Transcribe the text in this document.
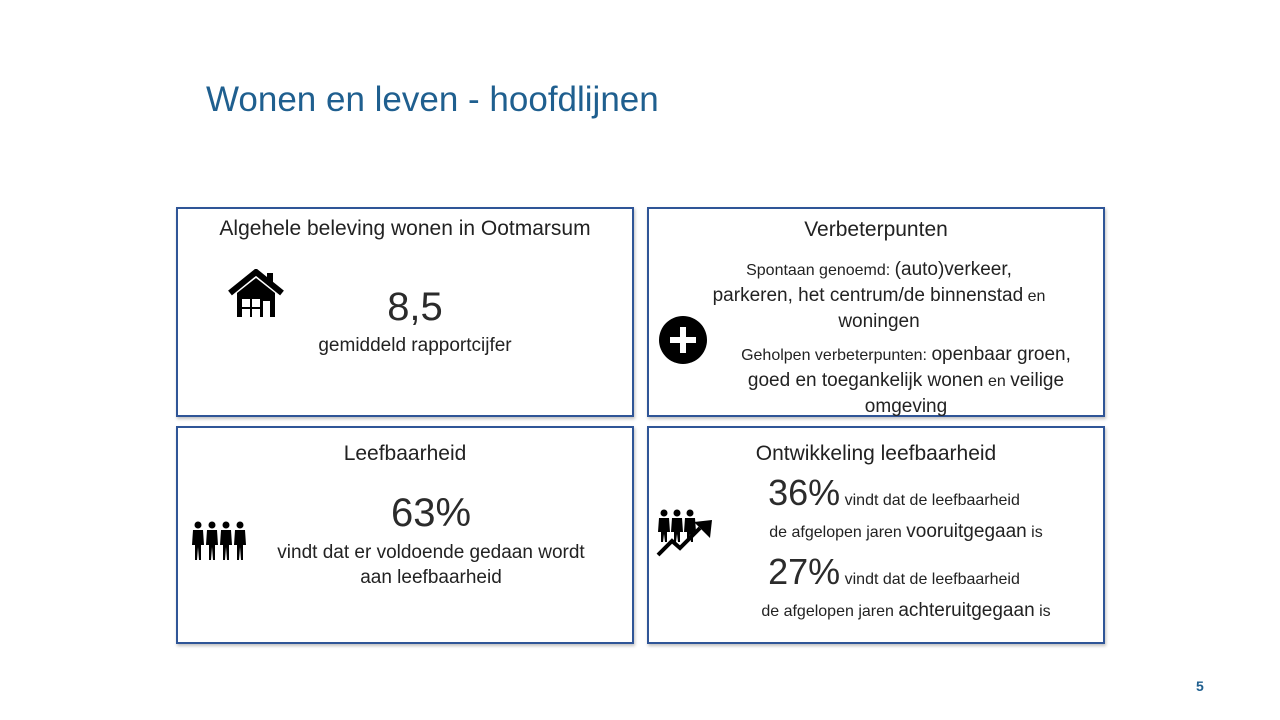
Wonen en leven - hoofdlijnen
Algehele beleving wonen in Ootmarsum
8,5
gemiddeld rapportcijfer
Verbeterpunten
Spontaan genoemd: (auto)verkeer,
parkeren, het centrum/de binnenstad en
woningen
Geholpen verbeterpunten: openbaar groen,
goed en toegankelijk wonen en veilige
omgeving
Leefbaarheid
63%
vindt dat er voldoende gedaan wordt
aan leefbaarheid
Ontwikkeling leefbaarheid
36% vindt dat de leefbaarheid
de afgelopen jaren vooruitgegaan is
27% vindt dat de leefbaarheid
de afgelopen jaren achteruitgegaan is
5
